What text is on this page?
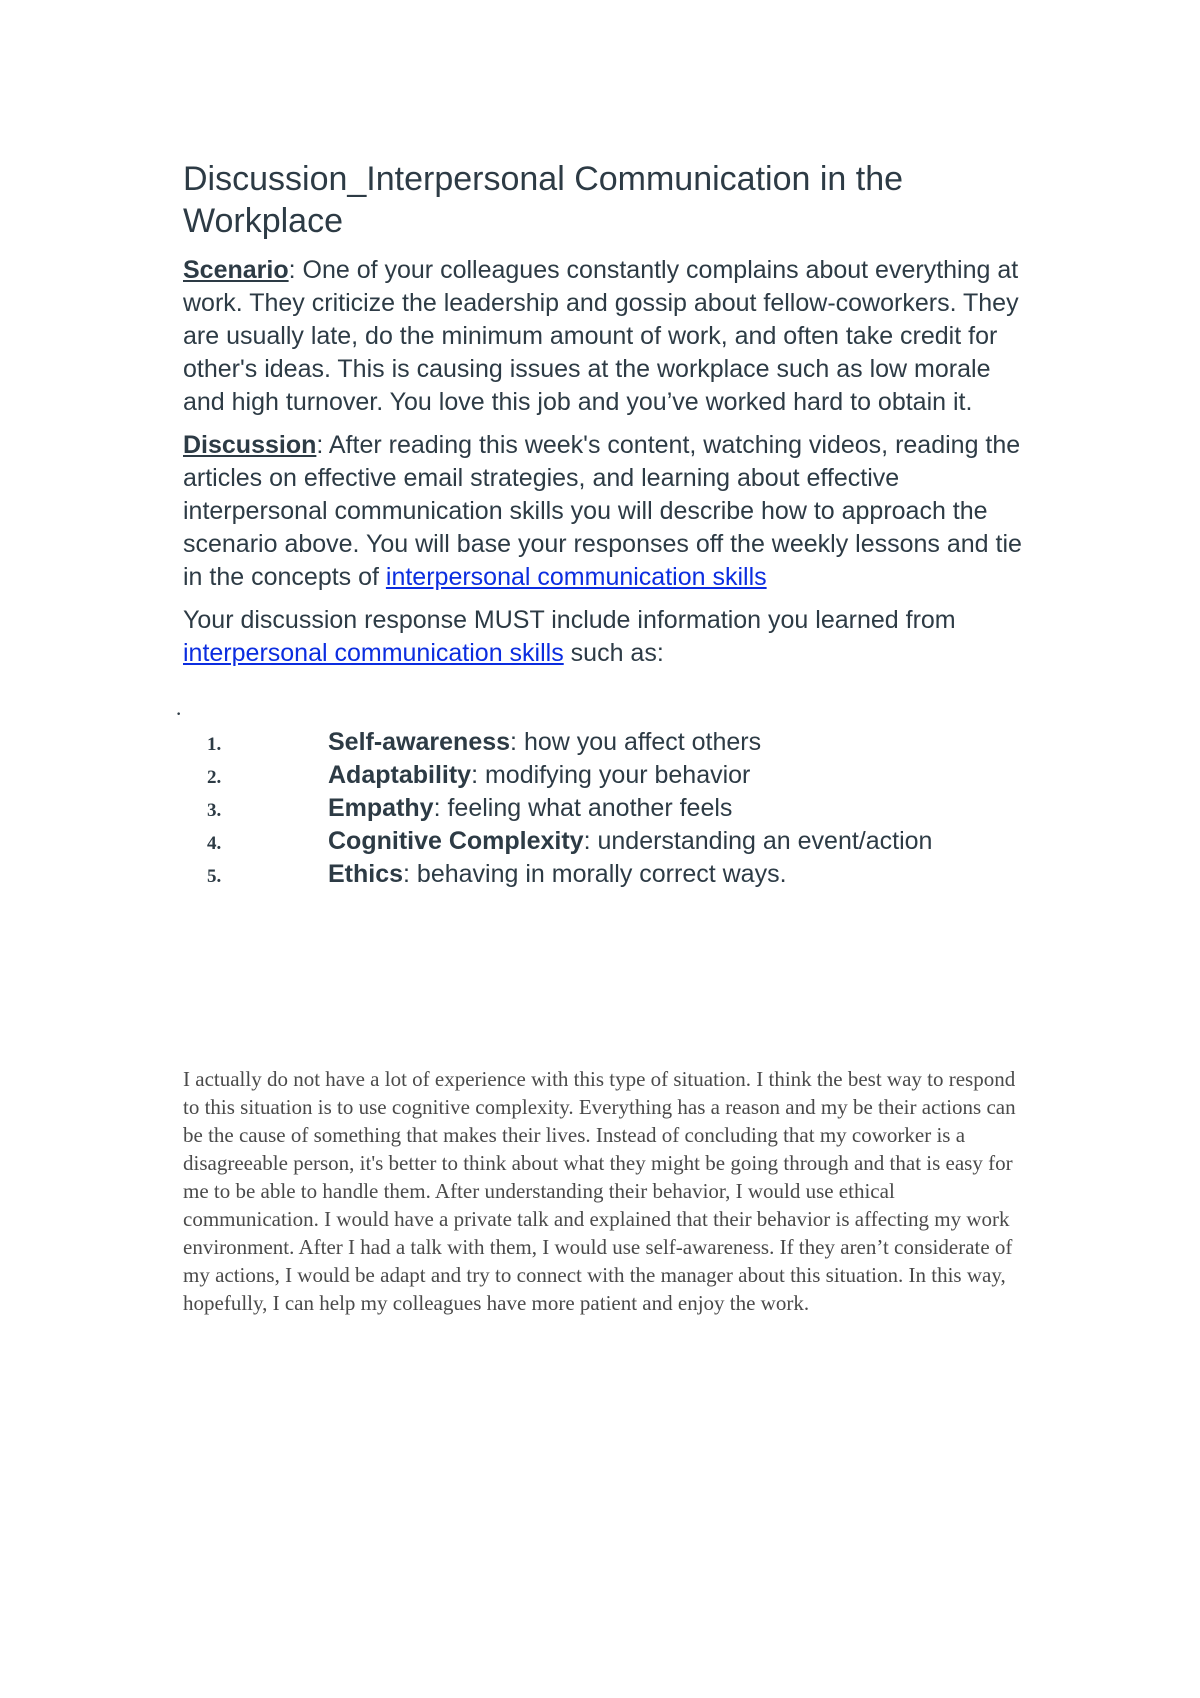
Discussion_Interpersonal Communication in the Workplace

Scenario: One of your colleagues constantly complains about everything at work. They criticize the leadership and gossip about fellow-coworkers. They are usually late, do the minimum amount of work, and often take credit for other's ideas. This is causing issues at the workplace such as low morale and high turnover. You love this job and you’ve worked hard to obtain it.

Discussion: After reading this week's content, watching videos, reading the articles on effective email strategies, and learning about effective interpersonal communication skills you will describe how to approach the scenario above. You will base your responses off the weekly lessons and tie in the concepts of interpersonal communication skills

Your discussion response MUST include information you learned from interpersonal communication skills such as:

·
1.	Self-awareness: how you affect others
2.	Adaptability: modifying your behavior
3.	Empathy: feeling what another feels
4.	Cognitive Complexity: understanding an event/action
5.	Ethics: behaving in morally correct ways.

I actually do not have a lot of experience with this type of situation. I think the best way to respond to this situation is to use cognitive complexity. Everything has a reason and my be their actions can be the cause of something that makes their lives. Instead of concluding that my coworker is a disagreeable person, it's better to think about what they might be going through and that is easy for me to be able to handle them. After understanding their behavior, I would use ethical communication. I would have a private talk and explained that their behavior is affecting my work environment. After I had a talk with them, I would use self-awareness. If they aren’t considerate of my actions, I would be adapt and try to connect with the manager about this situation. In this way, hopefully, I can help my colleagues have more patient and enjoy the work.
